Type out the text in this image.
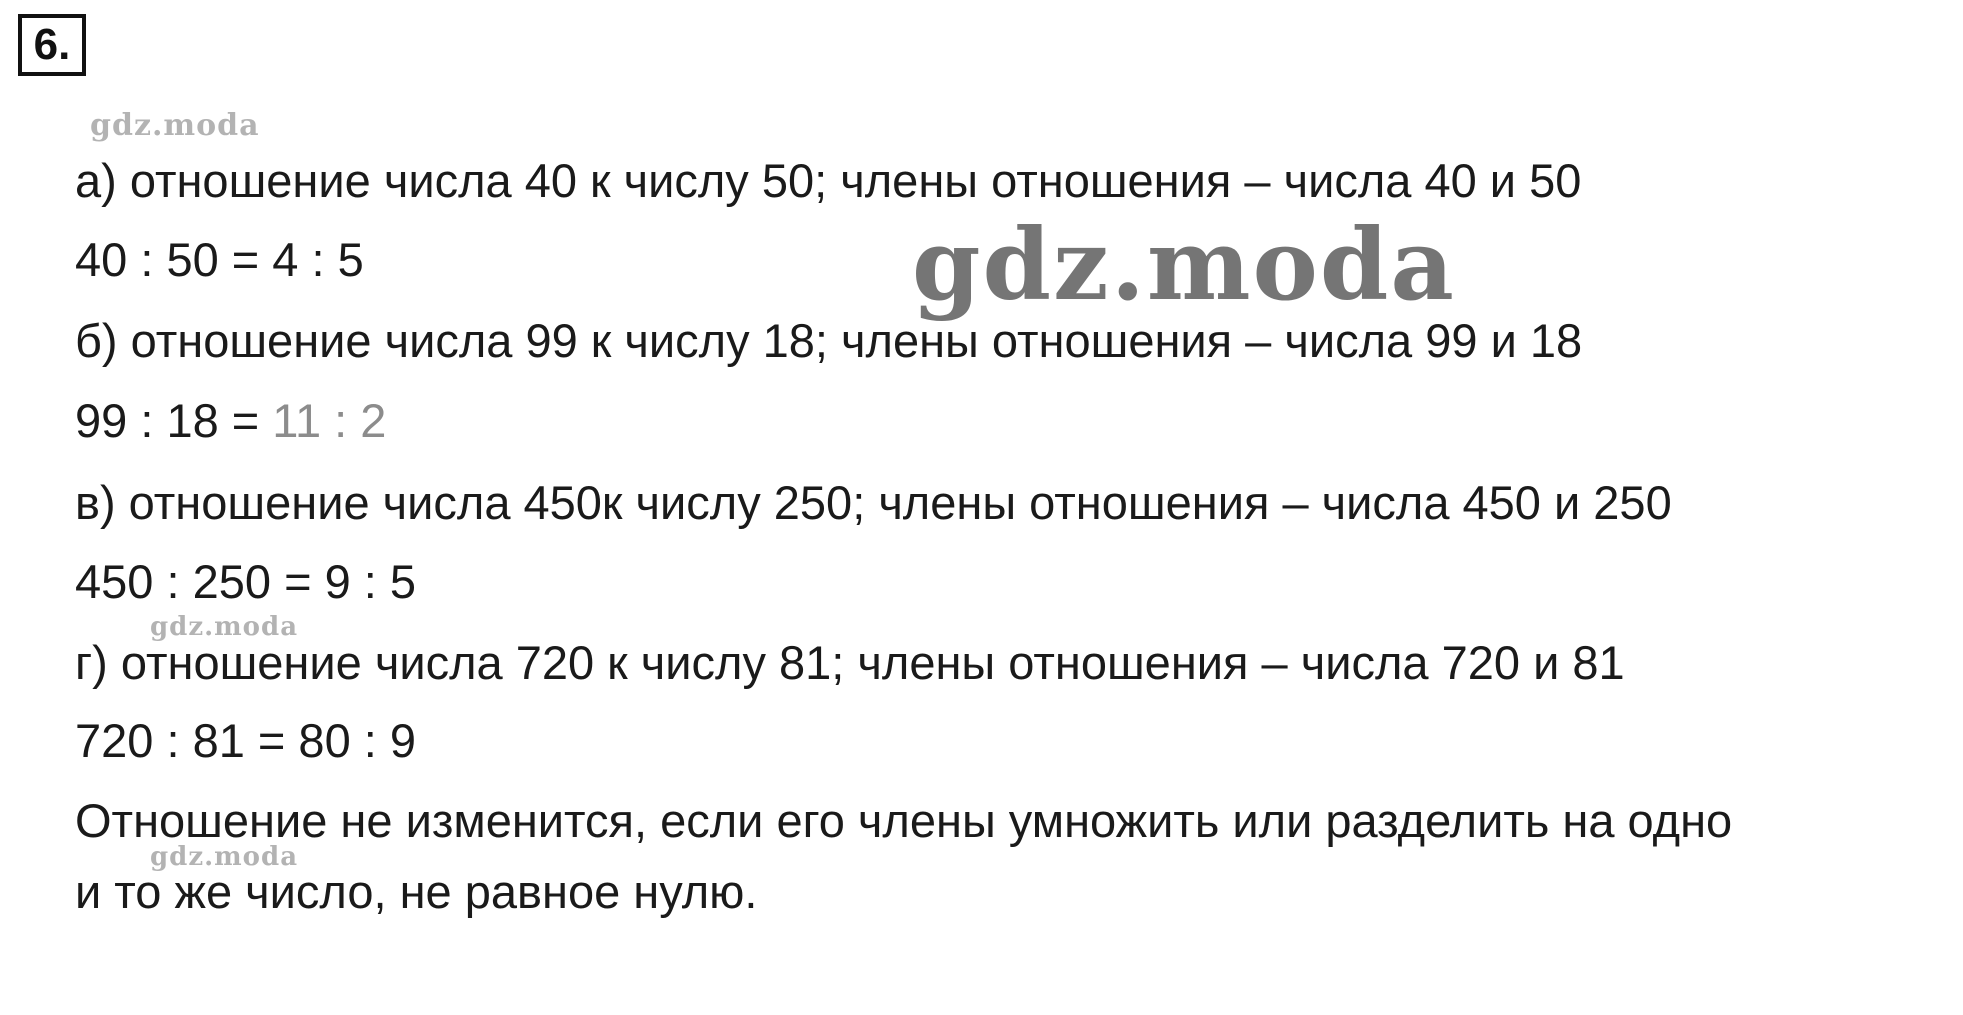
6.
gdz.moda
а) отношение числа 40 к числу 50; члены отношения – числа 40 и 50
40 : 50 = 4 : 5	gdz.moda
б) отношение числа 99 к числу 18; члены отношения – числа 99 и 18
99 : 18 = 11 : 2
в) отношение числа 450к числу 250; члены отношения – числа 450 и 250
450 : 250 = 9 : 5
gdz.moda
г) отношение числа 720 к числу 81; члены отношения – числа 720 и 81
720 : 81 = 80 : 9
Отношение не изменится, если его члены умножить или разделить на одно
gdz.moda
и то же число, не равное нулю.
